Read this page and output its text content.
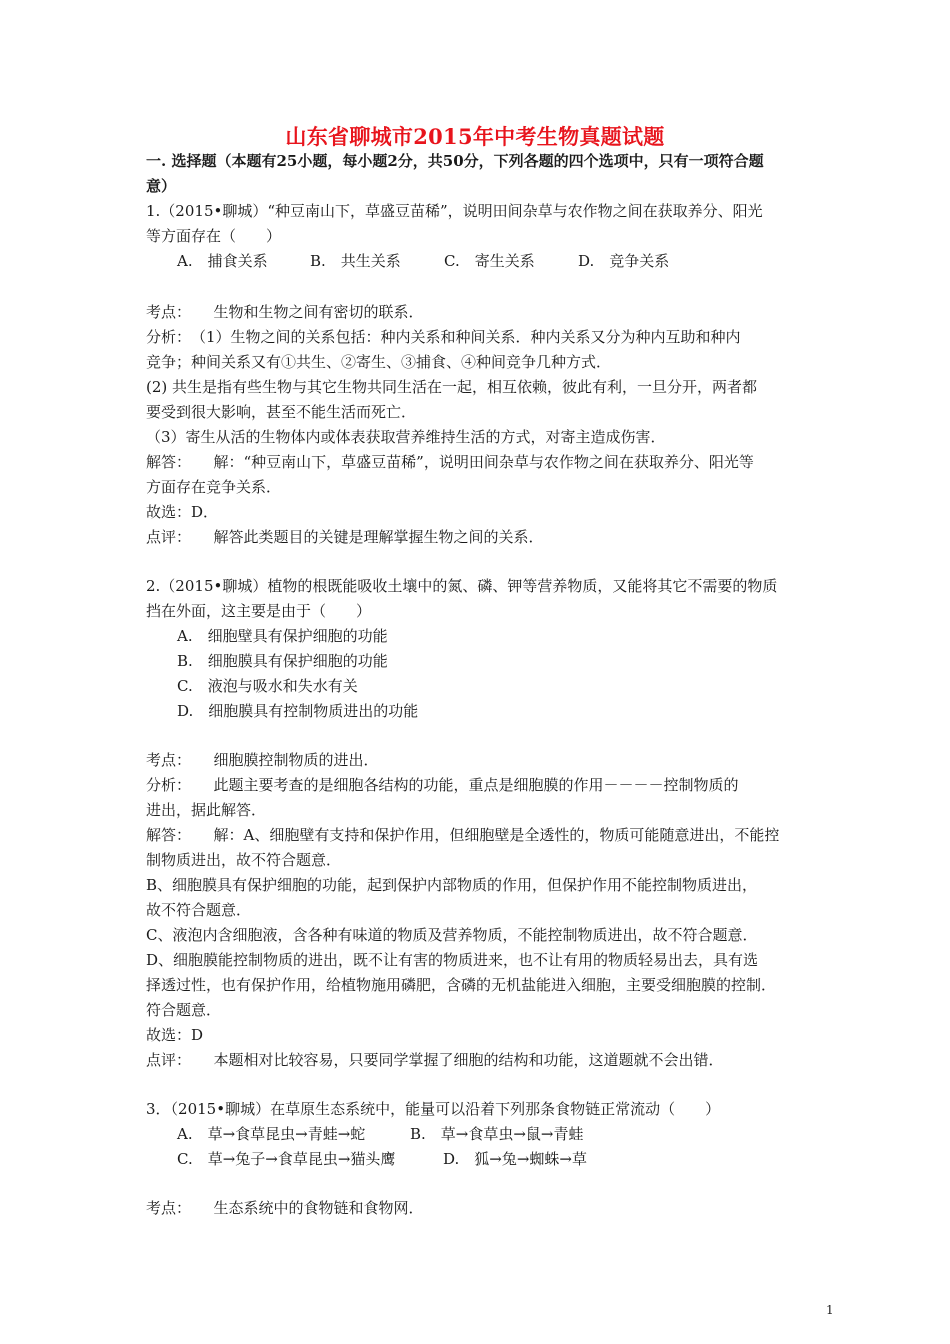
山东省聊城市2015年中考生物真题试题
一. 选择题（本题有25小题，每小题2分，共50分，下列各题的四个选项中，只有一项符合题
意）
1.（2015•聊城）“种豆南山下，草盛豆苗稀”，说明田间杂草与农作物之间在获取养分、阳光
等方面存在（　　）
A.　捕食关系	B.　共生关系	C.　寄生关系	D.　竞争关系
考点：　　生物和生物之间有密切的联系．
分析：　（1）生物之间的关系包括：种内关系和种间关系．种内关系又分为种内互助和种内
竞争；种间关系又有①共生、②寄生、③捕食、④种间竞争几种方式．
(2) 共生是指有些生物与其它生物共同生活在一起，相互依赖，彼此有利，一旦分开，两者都
要受到很大影响，甚至不能生活而死亡．
（3）寄生从活的生物体内或体表获取营养维持生活的方式，对寄主造成伤害．
解答：　　解：“种豆南山下，草盛豆苗稀”，说明田间杂草与农作物之间在获取养分、阳光等
方面存在竞争关系．
故选：D．
点评：　　解答此类题目的关键是理解掌握生物之间的关系．
2.（2015•聊城）植物的根既能吸收土壤中的氮、磷、钾等营养物质，又能将其它不需要的物质
挡在外面，这主要是由于（　　）
A.　细胞壁具有保护细胞的功能
B.　细胞膜具有保护细胞的功能
C.　液泡与吸水和失水有关
D.　细胞膜具有控制物质进出的功能
考点：　　细胞膜控制物质的进出．
分析：　　此题主要考查的是细胞各结构的功能，重点是细胞膜的作用－－－－控制物质的
进出，据此解答．
解答：　　解：A、细胞壁有支持和保护作用，但细胞壁是全透性的，物质可能随意进出，不能控
制物质进出，故不符合题意．
B、细胞膜具有保护细胞的功能，起到保护内部物质的作用，但保护作用不能控制物质进出，
故不符合题意．
C、液泡内含细胞液，含各种有味道的物质及营养物质，不能控制物质进出，故不符合题意．
D、细胞膜能控制物质的进出，既不让有害的物质进来，也不让有用的物质轻易出去，具有选
择透过性，也有保护作用，给植物施用磷肥，含磷的无机盐能进入细胞，主要受细胞膜的控制．
符合题意．
故选：D
点评：　　本题相对比较容易，只要同学掌握了细胞的结构和功能，这道题就不会出错．
3．（2015•聊城）在草原生态系统中，能量可以沿着下列那条食物链正常流动（　　）
A.　草→食草昆虫→青蛙→蛇	B.　草→食草虫→鼠→青蛙
C.　草→兔子→食草昆虫→猫头鹰	D.　狐→兔→蜘蛛→草
考点：　　生态系统中的食物链和食物网．
1
